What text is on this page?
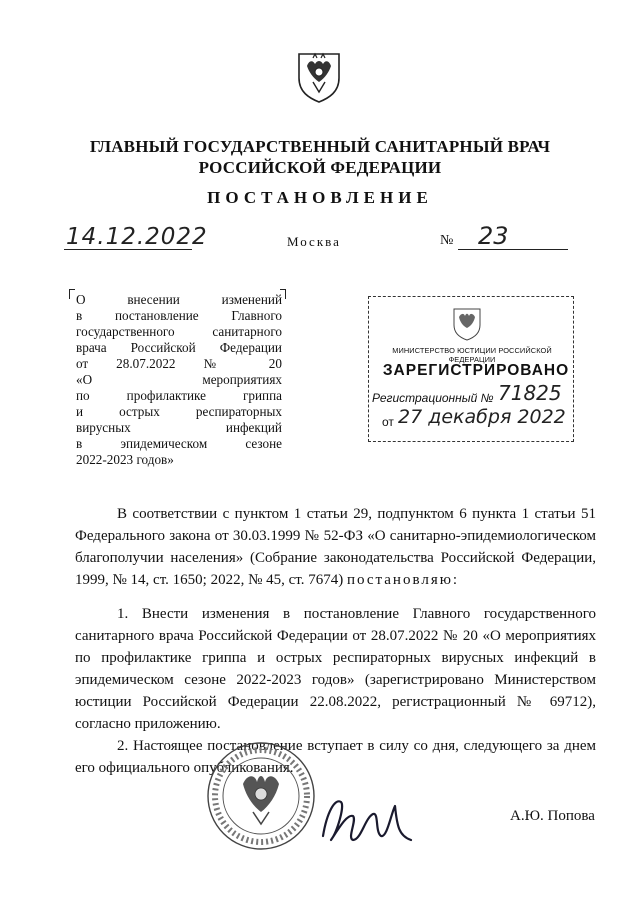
ГЛАВНЫЙ ГОСУДАРСТВЕННЫЙ САНИТАРНЫЙ ВРАЧ
РОССИЙСКОЙ ФЕДЕРАЦИИ
ПОСТАНОВЛЕНИЕ
14.12.2022	Москва	№ 23
О внесении изменений
в постановление Главного
государственного санитарного
врача Российской Федерации
от 28.07.2022 № 20
«О мероприятиях
по профилактике гриппа
и острых респираторных
вирусных инфекций
в эпидемическом сезоне
2022-2023 годов»
МИНИСТЕРСТВО ЮСТИЦИИ РОССИЙСКОЙ ФЕДЕРАЦИИ
ЗАРЕГИСТРИРОВАНО
Регистрационный № 71825
от 27 декабря 2022

В соответствии с пунктом 1 статьи 29, подпунктом 6 пункта 1 статьи 51 Федерального закона от 30.03.1999 № 52-ФЗ «О санитарно-эпидемиологическом благополучии населения» (Собрание законодательства Российской Федерации, 1999, № 14, ст. 1650; 2022, № 45, ст. 7674) постановляю:

1. Внести изменения в постановление Главного государственного санитарного врача Российской Федерации от 28.07.2022 № 20 «О мероприятиях по профилактике гриппа и острых респираторных вирусных инфекций в эпидемическом сезоне 2022-2023 годов» (зарегистрировано Министерством юстиции Российской Федерации 22.08.2022, регистрационный № 69712), согласно приложению.

2. Настоящее постановление вступает в силу со дня, следующего за днем его официального опубликования.

А.Ю. Попова
